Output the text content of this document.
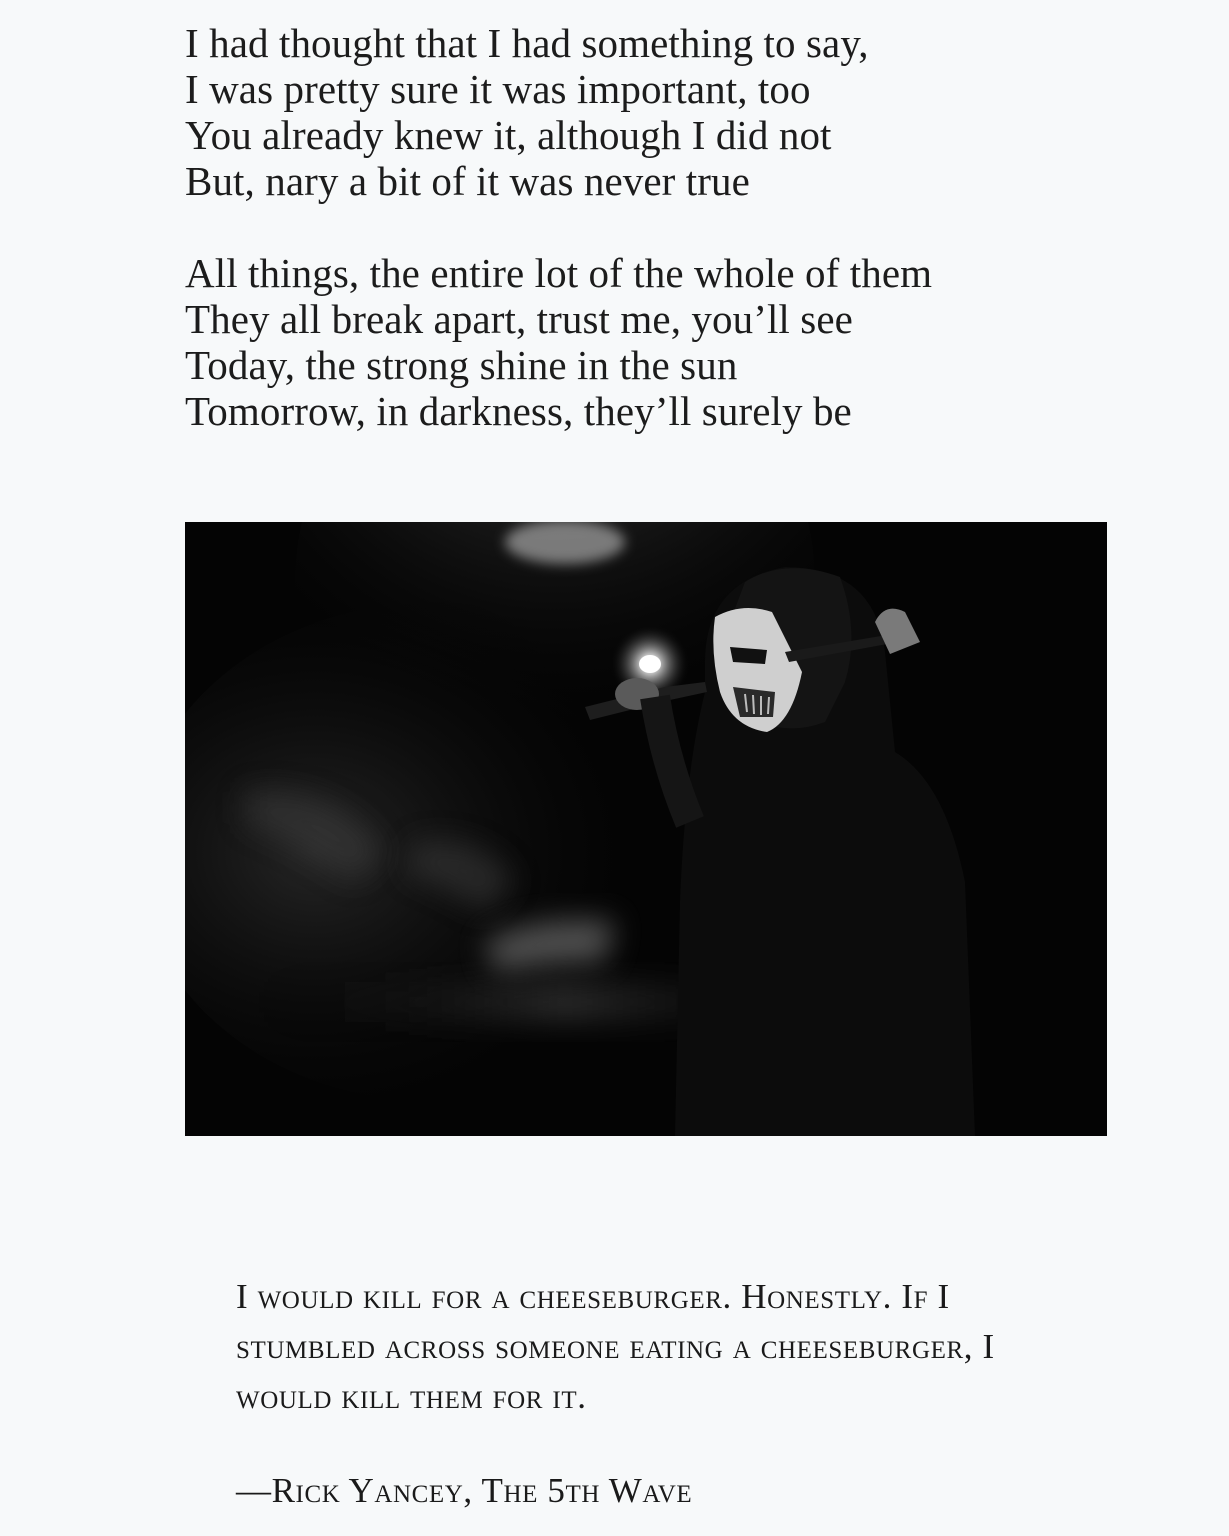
I had thought that I had something to say,
I was pretty sure it was important, too
You already knew it, although I did not
But, nary a bit of it was never true
All things, the entire lot of the whole of them
They all break apart, trust me, you’ll see
Today, the strong shine in the sun
Tomorrow, in darkness, they’ll surely be
I would kill for a cheeseburger. Honestly. If I
stumbled across someone eating a cheeseburger, I
would kill them for it.
—Rick Yancey, The 5th Wave
